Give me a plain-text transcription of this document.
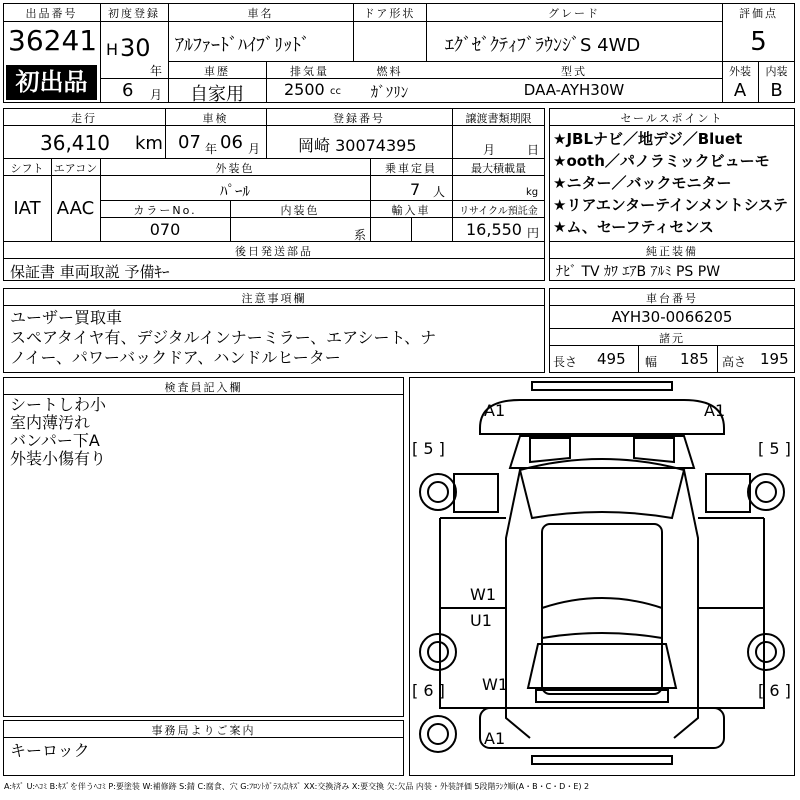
出品番号
36241
初出品
初度登録
H 30
年
6 月
車名
ｱﾙﾌｧｰﾄﾞﾊｲﾌﾞﾘｯﾄﾞ
ドア形状	グレード
ｴｸﾞｾﾞｸﾃｨﾌﾞﾗｳﾝｼﾞS 4WD
評価点
5
外装	内装
A	B
車歴
自家用
排気量
2500 cc
燃料
ｶﾞｿﾘﾝ
型式
DAA-AYH30W
走行
36,410 km
車検
07 年 06 月
登録番号
岡崎 30074395
譲渡書類期限
月	日
シフト
IAT
エアコン
AAC
外装色
ﾊﾟｰﾙ
乗車定員
7 人
最大積載量
kg
カラーNo.
070
内装色
系
輸入車	リサイクル預託金
16,550 円
後日発送部品
保証書 車両取説 予備ｷｰ
セールスポイント
★JBLナビ／地デジ／Bluet
★ooth／パノラミックビューモ
★ニター／バックモニター
★リアエンターテインメントシステ
★ム、セーフティセンス
純正装備
ﾅﾋﾞ TV ｶﾜ ｴｱB ｱﾙﾐ PS PW
注意事項欄
ユーザー買取車
スペアタイヤ有、デジタルインナーミラー、エアシート、ナ
ノイー、パワーバックドア、ハンドルヒーター
車台番号
AYH30-0066205
諸元
長さ 495 幅 185 高さ 195
検査員記入欄
シートしわ小
室内薄汚れ
バンパー下A
外装小傷有り
事務局よりご案内
キーロック
A1	A1
[ 5 ]	[ 5 ]
W1
U1
W1
[ 6 ]	[ 6 ]
A1
A:ｷｽﾞ U:ﾍｺﾐ B:ｷｽﾞを伴うﾍｺﾐ P:要塗装 W:補修跡 S:錆 C:腐食、穴 G:ﾌﾛﾝﾄｶﾞﾗｽ点ｷｽﾞ XX:交換済み X:要交換 欠:欠品 内装・外装評価 5段階ﾗﾝｸ順(A・B・C・D・E) 2
